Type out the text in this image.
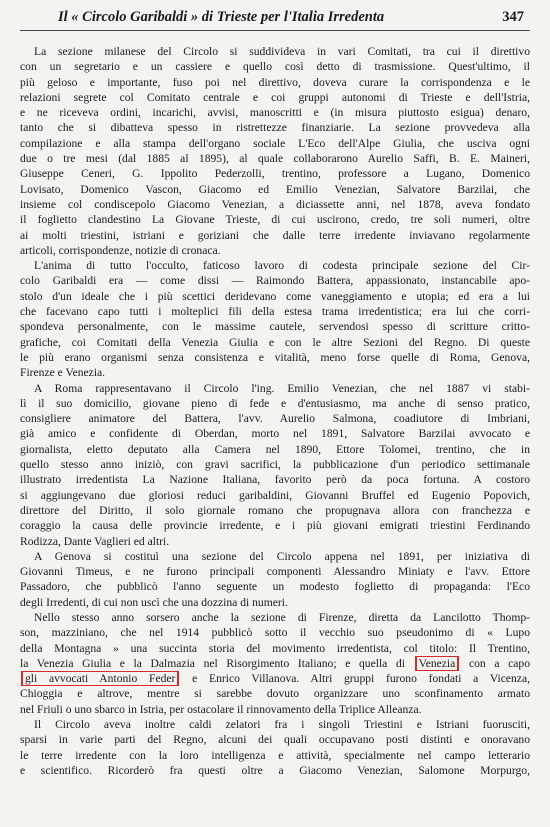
Il « Circolo Garibaldi » di Trieste per l'Italia Irredenta	347
La sezione milanese del Circolo si suddivideva in vari Comitati, tra cui il direttivo
con un segretario e un cassiere e quello così detto di trasmissione. Quest'ultimo, il
più geloso e importante, fuso poi nel direttivo, doveva curare la corrispondenza e le
relazioni segrete col Comitato centrale e coi gruppi autonomi di Trieste e dell'Istria,
e ne riceveva ordini, incarichi, avvisi, manoscritti e (in misura piuttosto esigua) denaro,
tanto che si dibatteva spesso in ristrettezze finanziarie. La sezione provvedeva alla
compilazione e alla stampa dell'organo sociale L'Eco dell'Alpe Giulia, che usciva ogni
due o tre mesi (dal 1885 al 1895), al quale collaborarono Aurelio Saffi, B. E. Maineri,
Giuseppe Ceneri, G. Ippolito Pederzolli, trentino, professore a Lugano, Domenico
Lovisato, Domenico Vascon, Giacomo ed Emilio Venezian, Salvatore Barzilai, che
insieme col condiscepolo Giacomo Venezian, a diciassette anni, nel 1878, aveva fondato
il foglietto clandestino La Giovane Trieste, di cui uscirono, credo, tre soli numeri, oltre
ai molti triestini, istriani e goriziani che dalle terre irredente inviavano regolarmente
articoli, corrispondenze, notizie di cronaca.
L'anima di tutto l'occulto, faticoso lavoro di codesta principale sezione del Cir-
colo Garibaldi era — come dissi — Raimondo Battera, appassionato, instancabile apo-
stolo d'un ideale che i più scettici deridevano come vaneggiamento e utopia; ed era a lui
che facevano capo tutti i molteplici fili della estesa trama irredentistica; era lui che corri-
spondeva personalmente, con le massime cautele, servendosi spesso di scritture critto-
grafiche, coi Comitati della Venezia Giulia e con le altre Sezioni del Regno. Di queste
le più erano organismi senza consistenza e vitalità, meno forse quelle di Roma, Genova,
Firenze e Venezia.
A Roma rappresentavano il Circolo l'ing. Emilio Venezian, che nel 1887 vi stabi-
lì il suo domicilio, giovane pieno di fede e d'entusiasmo, ma anche di senso pratico,
consigliere animatore del Battera, l'avv. Aurelio Salmona, coadiutore di Imbriani,
già amico e confidente di Oberdan, morto nel 1891, Salvatore Barzilai avvocato e
giornalista, eletto deputato alla Camera nel 1890, Ettore Tolomei, trentino, che in
quello stesso anno iniziò, con gravi sacrifici, la pubblicazione d'un periodico settimanale
illustrato irredentista La Nazione Italiana, favorito però da poca fortuna. A costoro
si aggiungevano due gloriosi reduci garibaldini, Giovanni Bruffel ed Eugenio Popovich,
direttore del Diritto, il solo giornale romano che propugnava allora con franchezza e
coraggio la causa delle provincie irredente, e i più giovani emigrati triestini Ferdinando
Rodizza, Dante Vaglieri ed altri.
A Genova si costituì una sezione del Circolo appena nel 1891, per iniziativa di
Giovanni Timeus, e ne furono principali componenti Alessandro Miniaty e l'avv. Ettore
Passadoro, che pubblicò l'anno seguente un modesto foglietto di propaganda: l'Eco
degli Irredenti, di cui non uscì che una dozzina di numeri.
Nello stesso anno sorsero anche la sezione di Firenze, diretta da Lancilotto Thomp-
son, mazziniano, che nel 1914 pubblicò sotto il vecchio suo pseudonimo di « Lupo
della Montagna » una succinta storia del movimento irredentista, col titolo: Il Trentino,
la Venezia Giulia e la Dalmazia nel Risorgimento Italiano; e quella di Venezia con a capo
gli avvocati Antonio Feder e Enrico Villanova. Altri gruppi furono fondati a Vicenza,
Chioggia e altrove, mentre si sarebbe dovuto organizzare uno sconfinamento armato
nel Friuli o uno sbarco in Istria, per ostacolare il rinnovamento della Triplice Alleanza.
Il Circolo aveva inoltre caldi zelatori fra i singoli Triestini e Istriani fuorusciti,
sparsi in varie parti del Regno, alcuni dei quali occupavano posti distinti e onoravano
le terre irredente con la loro intelligenza e attività, specialmente nel campo letterario
e scientifico. Ricorderò fra questi oltre a Giacomo Venezian, Salomone Morpurgo,
